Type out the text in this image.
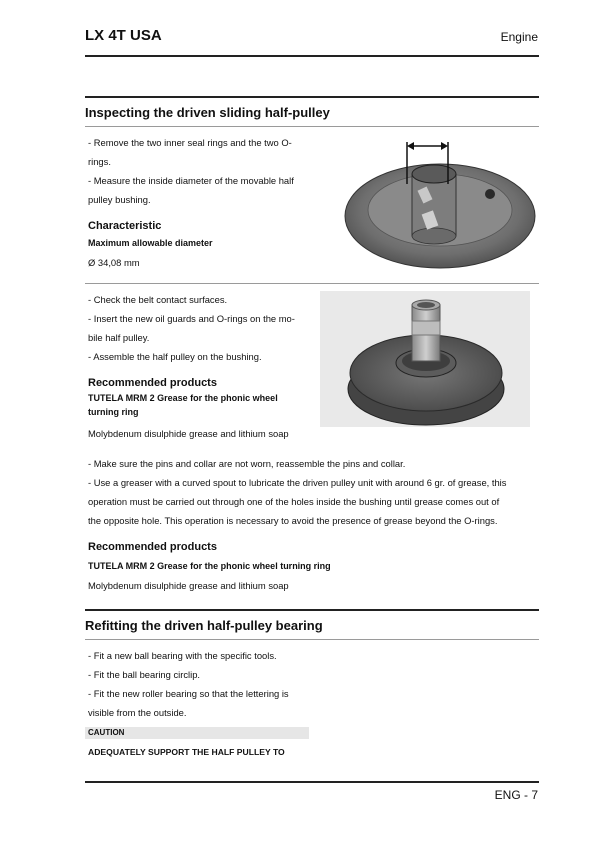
LX 4T USA	Engine
Inspecting the driven sliding half-pulley
- Remove the two inner seal rings and the two O-
rings.
- Measure the inside diameter of the movable half
pulley bushing.
Characteristic
Maximum allowable diameter
Ø 34,08 mm
- Check the belt contact surfaces.
- Insert the new oil guards and O-rings on the mo-
bile half pulley.
- Assemble the half pulley on the bushing.
Recommended products
TUTELA MRM 2 Grease for the phonic wheel
turning ring
Molybdenum disulphide grease and lithium soap
- Make sure the pins and collar are not worn, reassemble the pins and collar.
- Use a greaser with a curved spout to lubricate the driven pulley unit with around 6 gr. of grease, this
operation must be carried out through one of the holes inside the bushing until grease comes out of
the opposite hole. This operation is necessary to avoid the presence of grease beyond the O-rings.
Recommended products
TUTELA MRM 2 Grease for the phonic wheel turning ring
Molybdenum disulphide grease and lithium soap
Refitting the driven half-pulley bearing
- Fit a new ball bearing with the specific tools.
- Fit the ball bearing circlip.
- Fit the new roller bearing so that the lettering is
visible from the outside.
CAUTION
ADEQUATELY SUPPORT THE HALF PULLEY TO
ENG - 7
